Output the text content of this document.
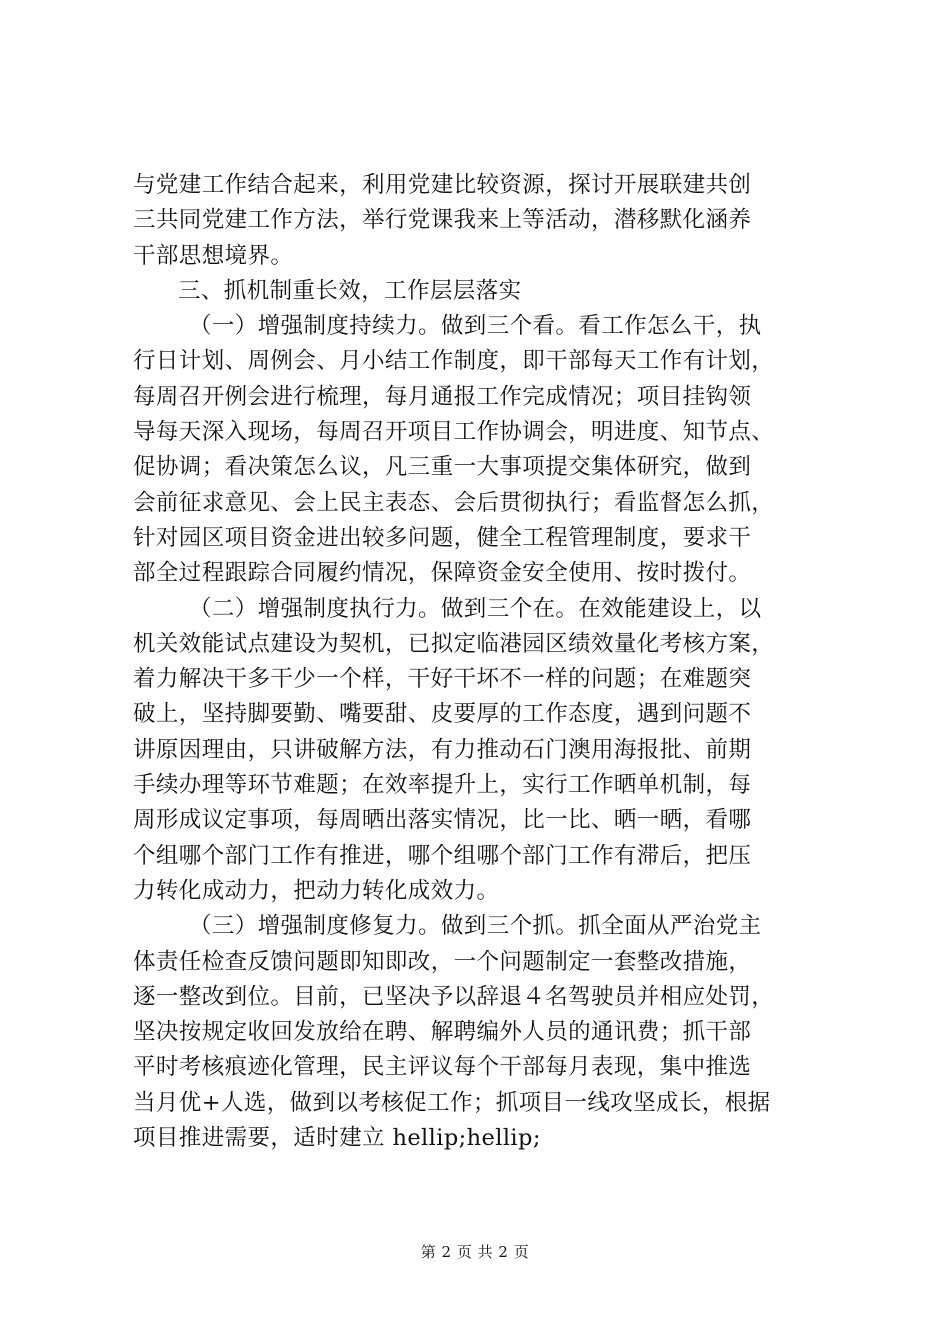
与党建工作结合起来，利用党建比较资源，探讨开展联建共创
三共同党建工作方法，举行党课我来上等活动，潜移默化涵养
干部思想境界。
三、抓机制重长效，工作层层落实
（一）增强制度持续力。做到三个看。看工作怎么干，执
行日计划、周例会、月小结工作制度，即干部每天工作有计划，
每周召开例会进行梳理，每月通报工作完成情况；项目挂钩领
导每天深入现场，每周召开项目工作协调会，明进度、知节点、
促协调；看决策怎么议，凡三重一大事项提交集体研究，做到
会前征求意见、会上民主表态、会后贯彻执行；看监督怎么抓，
针对园区项目资金进出较多问题，健全工程管理制度，要求干
部全过程跟踪合同履约情况，保障资金安全使用、按时拨付。
（二）增强制度执行力。做到三个在。在效能建设上，以
机关效能试点建设为契机，已拟定临港园区绩效量化考核方案，
着力解决干多干少一个样，干好干坏不一样的问题；在难题突
破上，坚持脚要勤、嘴要甜、皮要厚的工作态度，遇到问题不
讲原因理由，只讲破解方法，有力推动石门澳用海报批、前期
手续办理等环节难题；在效率提升上，实行工作晒单机制，每
周形成议定事项，每周晒出落实情况，比一比、晒一晒，看哪
个组哪个部门工作有推进，哪个组哪个部门工作有滞后，把压
力转化成动力，把动力转化成效力。
（三）增强制度修复力。做到三个抓。抓全面从严治党主
体责任检查反馈问题即知即改，一个问题制定一套整改措施，
逐一整改到位。目前，已坚决予以辞退４名驾驶员并相应处罚，
坚决按规定收回发放给在聘、解聘编外人员的通讯费；抓干部
平时考核痕迹化管理，民主评议每个干部每月表现，集中推选
当月优+人选，做到以考核促工作；抓项目一线攻坚成长，根据
项目推进需要，适时建立 hellip;hellip;
第 2 页 共 2 页
